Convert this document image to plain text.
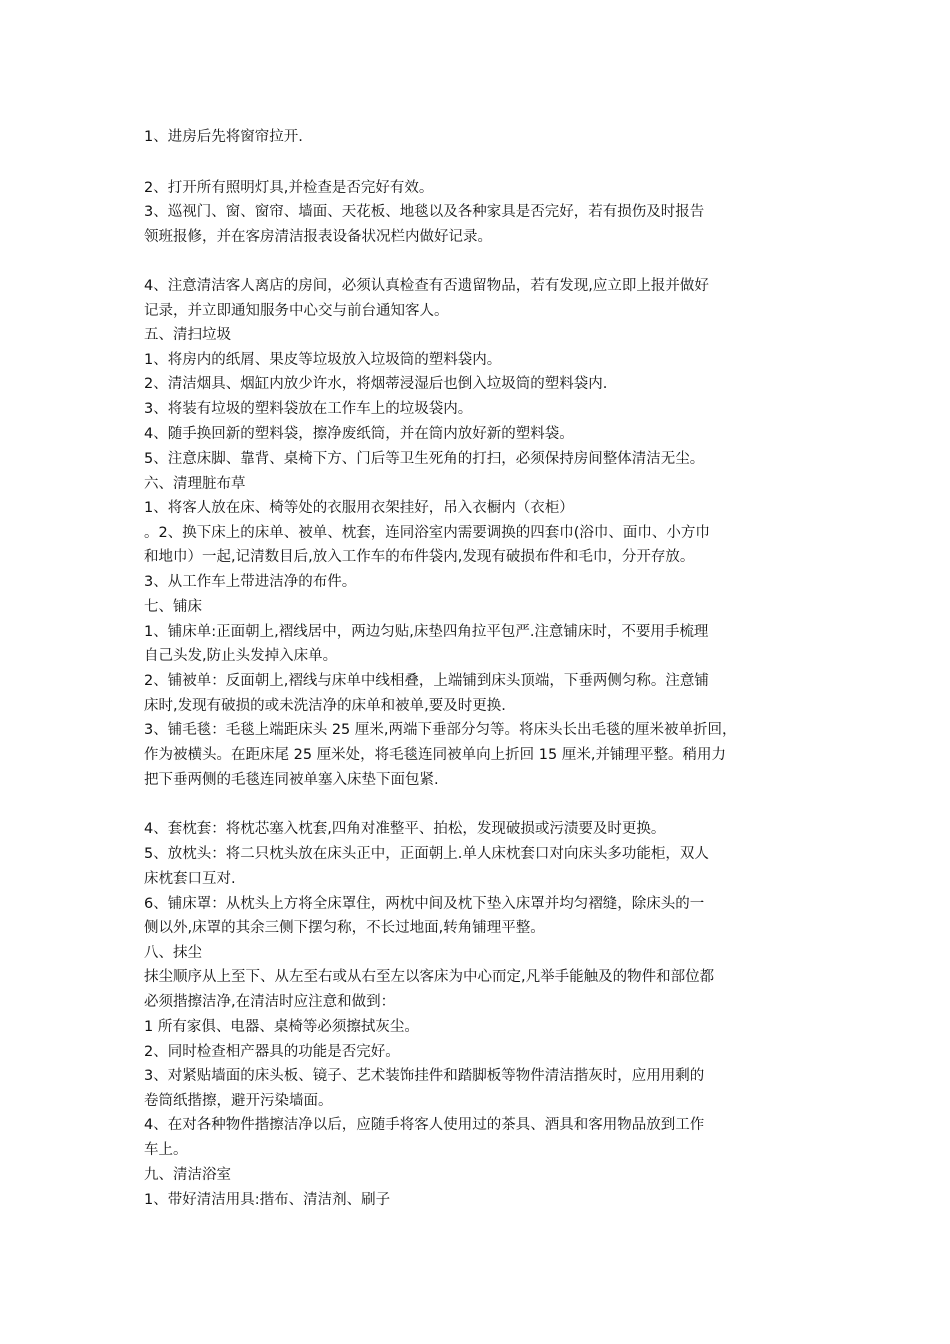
1、进房后先将窗帘拉开.
2、打开所有照明灯具,并检查是否完好有效。
3、巡视门、窗、窗帘、墙面、天花板、地毯以及各种家具是否完好，若有损伤及时报告
领班报修，并在客房清洁报表设备状况栏内做好记录。
4、注意清洁客人离店的房间，必须认真检查有否遗留物品，若有发现,应立即上报并做好
记录，并立即通知服务中心交与前台通知客人。
五、清扫垃圾
1、将房内的纸屑、果皮等垃圾放入垃圾筒的塑料袋内。
2、清洁烟具、烟缸内放少许水，将烟蒂浸湿后也倒入垃圾筒的塑料袋内.
3、将装有垃圾的塑料袋放在工作车上的垃圾袋内。
4、随手换回新的塑料袋，擦净废纸筒，并在筒内放好新的塑料袋。
5、注意床脚、靠背、桌椅下方、门后等卫生死角的打扫，必须保持房间整体清洁无尘。
六、清理脏布草
1、将客人放在床、椅等处的衣服用衣架挂好，吊入衣橱内（衣柜）
。2、换下床上的床单、被单、枕套，连同浴室内需要调换的四套巾(浴巾、面巾、小方巾
和地巾）一起,记清数目后,放入工作车的布件袋内,发现有破损布件和毛巾，分开存放。
3、从工作车上带进洁净的布件。
七、铺床
1、铺床单:正面朝上,褶线居中，两边匀贴,床垫四角拉平包严.注意铺床时，不要用手梳理
自己头发,防止头发掉入床单。
2、铺被单：反面朝上,褶线与床单中线相叠，上端铺到床头顶端，下垂两侧匀称。注意铺
床时,发现有破损的或未洗洁净的床单和被单,要及时更换.
3、铺毛毯：毛毯上端距床头 25 厘米,两端下垂部分匀等。将床头长出毛毯的厘米被单折回，
作为被横头。在距床尾 25 厘米处，将毛毯连同被单向上折回 15 厘米,并铺理平整。稍用力
把下垂两侧的毛毯连同被单塞入床垫下面包紧.
4、套枕套：将枕芯塞入枕套,四角对准整平、拍松，发现破损或污渍要及时更换。
5、放枕头：将二只枕头放在床头正中，正面朝上.单人床枕套口对向床头多功能柜，双人
床枕套口互对.
6、铺床罩：从枕头上方将全床罩住，两枕中间及枕下垫入床罩并均匀褶缝，除床头的一
侧以外,床罩的其余三侧下摆匀称，不长过地面,转角铺理平整。
八、抹尘
抹尘顺序从上至下、从左至右或从右至左以客床为中心而定,凡举手能触及的物件和部位都
必须揩擦洁净,在清洁时应注意和做到：
1 所有家俱、电器、桌椅等必须擦拭灰尘。
2、同时检查相产器具的功能是否完好。
3、对紧贴墙面的床头板、镜子、艺术装饰挂件和踏脚板等物件清洁揩灰时，应用用剩的
卷筒纸揩擦，避开污染墙面。
4、在对各种物件揩擦洁净以后，应随手将客人使用过的茶具、酒具和客用物品放到工作
车上。
九、清洁浴室
1、带好清洁用具:揩布、清洁剂、刷子
